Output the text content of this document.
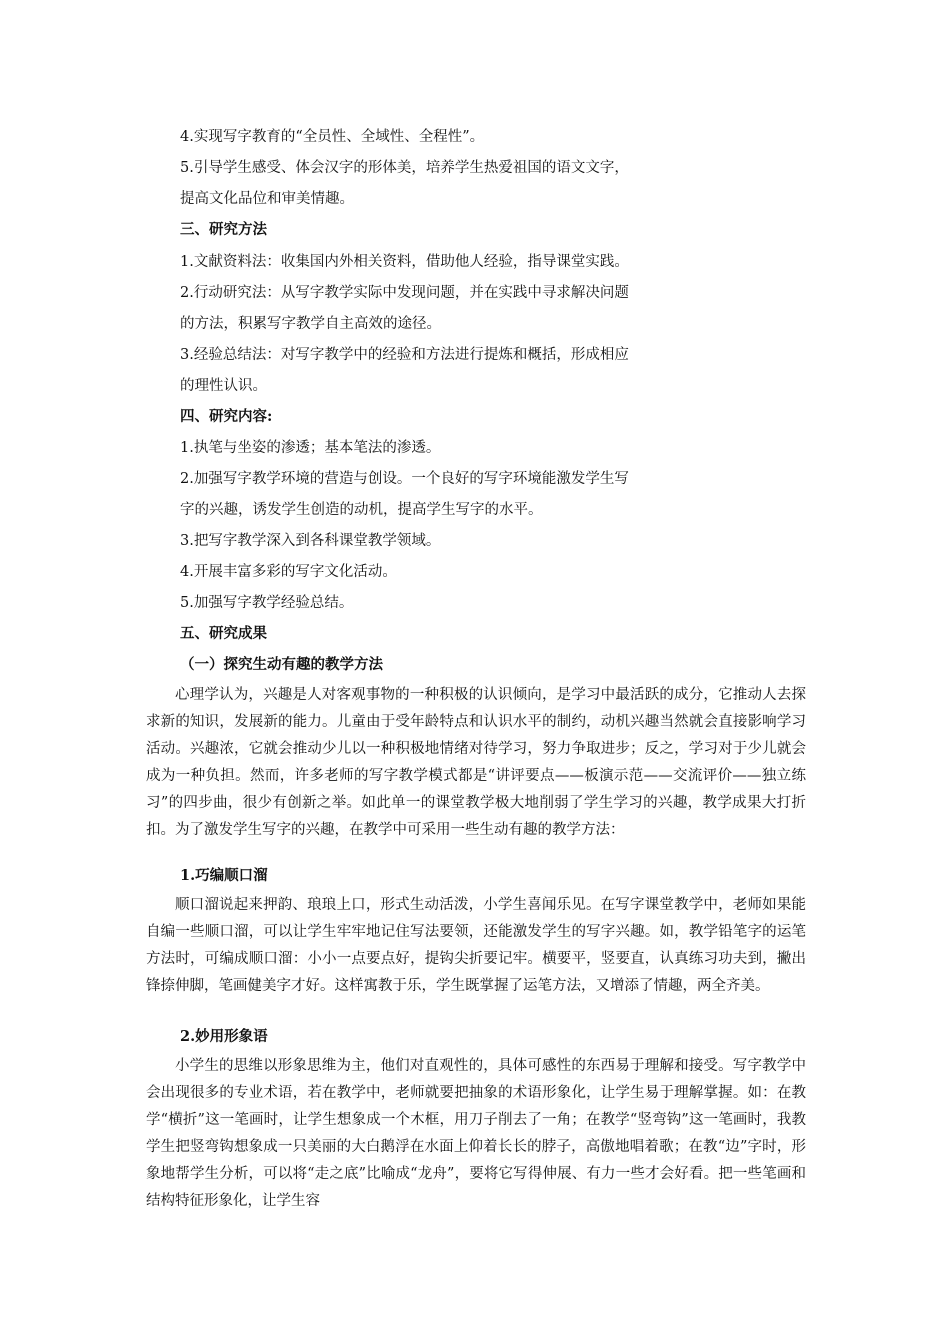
4.实现写字教育的“全员性、全域性、全程性”。
5.引导学生感受、体会汉字的形体美，培养学生热爱祖国的语文文字，
提高文化品位和审美情趣。
三、研究方法
1.文献资料法：收集国内外相关资料，借助他人经验，指导课堂实践。
2.行动研究法：从写字教学实际中发现问题，并在实践中寻求解决问题
的方法，积累写字教学自主高效的途径。
3.经验总结法：对写字教学中的经验和方法进行提炼和概括，形成相应
的理性认识。
四、研究内容:
1.执笔与坐姿的渗透；基本笔法的渗透。
2.加强写字教学环境的营造与创设。一个良好的写字环境能激发学生写
字的兴趣，诱发学生创造的动机，提高学生写字的水平。
3.把写字教学深入到各科课堂教学领域。
4.开展丰富多彩的写字文化活动。
5.加强写字教学经验总结。
五、研究成果
（一）探究生动有趣的教学方法

心理学认为，兴趣是人对客观事物的一种积极的认识倾向，是学习中最活跃的成分，它推动人去探求新的知识，发展新的能力。儿童由于受年龄特点和认识水平的制约，动机兴趣当然就会直接影响学习活动。兴趣浓，它就会推动少儿以一种积极地情绪对待学习，努力争取进步；反之，学习对于少儿就会成为一种负担。然而，许多老师的写字教学模式都是“讲评要点——板演示范——交流评价——独立练习”的四步曲，很少有创新之举。如此单一的课堂教学极大地削弱了学生学习的兴趣，教学成果大打折扣。为了激发学生写字的兴趣，在教学中可采用一些生动有趣的教学方法：

1.巧编顺口溜

顺口溜说起来押韵、琅琅上口，形式生动活泼，小学生喜闻乐见。在写字课堂教学中，老师如果能自编一些顺口溜，可以让学生牢牢地记住写法要领，还能激发学生的写字兴趣。如，教学铅笔字的运笔方法时，可编成顺口溜：小小一点要点好，提钩尖折要记牢。横要平，竖要直，认真练习功夫到，撇出锋捺伸脚，笔画健美字才好。这样寓教于乐，学生既掌握了运笔方法，又增添了情趣，两全齐美。

2.妙用形象语

小学生的思维以形象思维为主，他们对直观性的，具体可感性的东西易于理解和接受。写字教学中会出现很多的专业术语，若在教学中，老师就要把抽象的术语形象化，让学生易于理解掌握。如：在教学“横折”这一笔画时，让学生想象成一个木框，用刀子削去了一角；在教学“竖弯钩”这一笔画时，我教学生把竖弯钩想象成一只美丽的大白鹅浮在水面上仰着长长的脖子，高傲地唱着歌；在教“边”字时，形象地帮学生分析，可以将“走之底”比喻成“龙舟”，要将它写得伸展、有力一些才会好看。把一些笔画和结构特征形象化，让学生容
